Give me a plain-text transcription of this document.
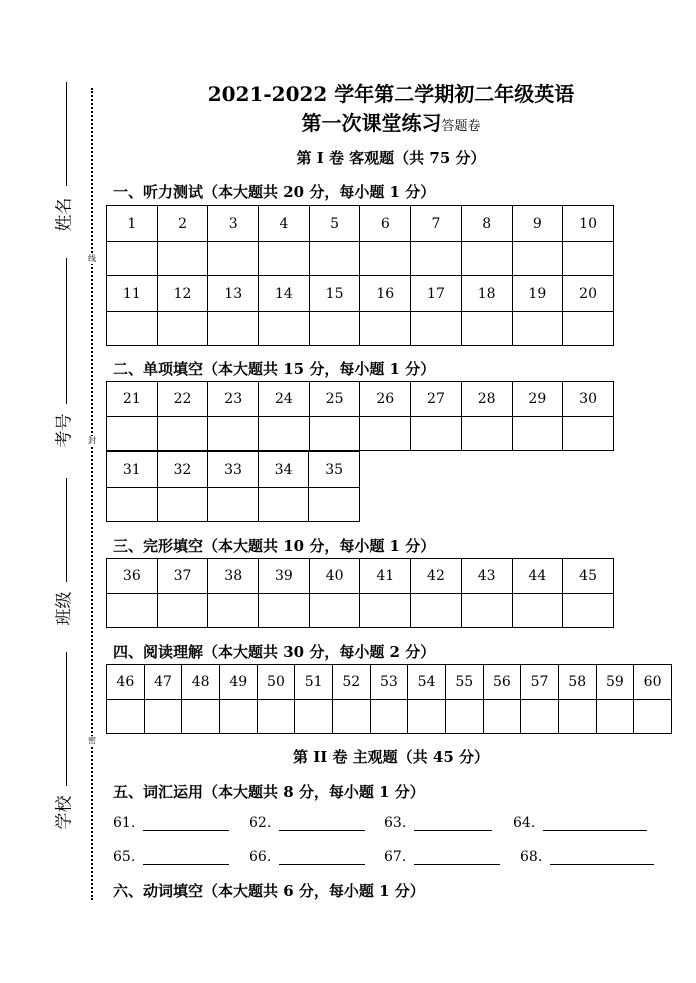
姓名
考号
班级
学校
线
封
密
2021-2022 学年第二学期初二年级英语
第一次课堂练习答题卷
第 I 卷 客观题（共 75 分）
一、听力测试（本大题共 20 分，每小题 1 分）
1	2	3	4	5	6	7	8	9	10

11	12	13	14	15	16	17	18	19	20

二、单项填空（本大题共 15 分，每小题 1 分）
21	22	23	24	25	26	27	28	29	30

31	32	33	34	35

三、完形填空（本大题共 10 分，每小题 1 分）
36	37	38	39	40	41	42	43	44	45

四、阅读理解（本大题共 30 分，每小题 2 分）
46	47	48	49	50	51	52	53	54	55	56	57	58	59	60

第 II 卷 主观题（共 45 分）
五、词汇运用（本大题共 8 分，每小题 1 分）
61.	62.	63.	64.
65.	66.	67.	68.
六、动词填空（本大题共 6 分，每小题 1 分）
